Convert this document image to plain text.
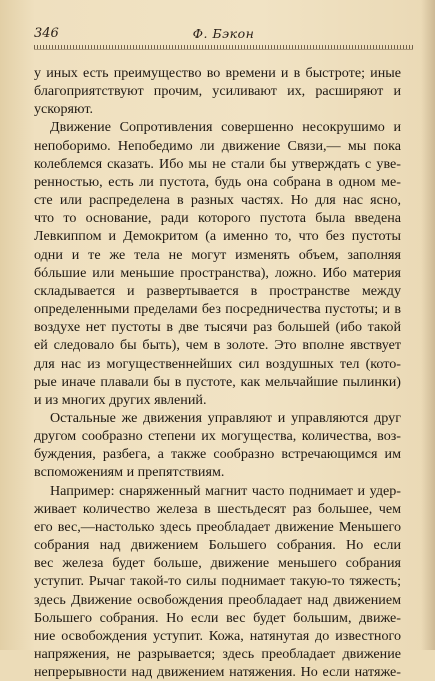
346	Ф. Бэкон
у иных есть преимущество во времени и в быстроте; иные
благоприятствуют прочим, усиливают их, расширяют и
ускоряют.
Движение Сопротивления совершенно несокрушимо и
непоборимо. Непобедимо ли движение Связи,— мы пока
колеблемся сказать. Ибо мы не стали бы утверждать с уве-
ренностью, есть ли пустота, будь она собрана в одном ме-
сте или распределена в разных частях. Но для нас ясно,
что то основание, ради которого пустота была введена
Левкиппом и Демокритом (а именно то, что без пустоты
одни и те же тела не могут изменять объем, заполняя
бóльшие или меньшие пространства), ложно. Ибо материя
складывается и развертывается в пространстве между
определенными пределами без посредничества пустоты; и в
воздухе нет пустоты в две тысячи раз большей (ибо такой
ей следовало бы быть), чем в золоте. Это вполне явствует
для нас из могущественнейших сил воздушных тел (кото-
рые иначе плавали бы в пустоте, как мельчайшие пылинки)
и из многих других явлений.
Остальные же движения управляют и управляются друг
другом сообразно степени их могущества, количества, воз-
буждения, разбега, а также сообразно встречающимся им
вспоможениям и препятствиям.
Например: снаряженный магнит часто поднимает и удер-
живает количество железа в шестьдесят раз большее, чем
его вес,—настолько здесь преобладает движение Меньшего
собрания над движением Большего собрания. Но если
вес железа будет больше, движение меньшего собрания
уступит. Рычаг такой-то силы поднимает такую-то тяжесть;
здесь Движение освобождения преобладает над движением
Большего собрания. Но если вес будет большим, движе-
ние освобождения уступит. Кожа, натянутая до известного
напряжения, не разрывается; здесь преобладает движение
непрерывности над движением натяжения. Но если натяже-
